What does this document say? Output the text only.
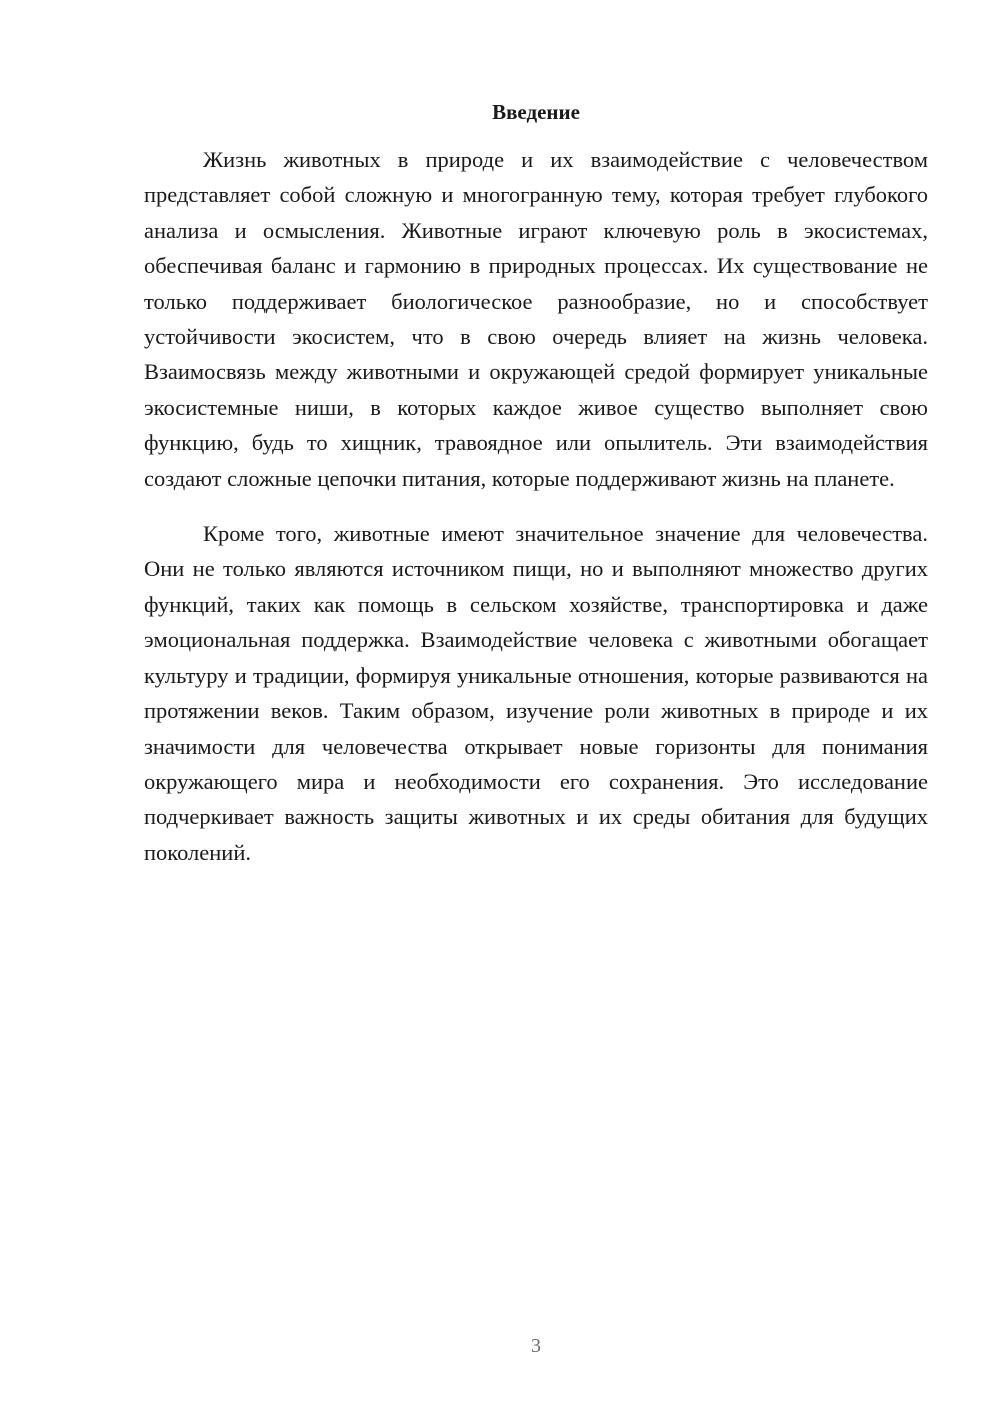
Введение

Жизнь животных в природе и их взаимодействие с человечеством представляет собой сложную и многогранную тему, которая требует глубокого анализа и осмысления. Животные играют ключевую роль в экосистемах, обеспечивая баланс и гармонию в природных процессах. Их существование не только поддерживает биологическое разнообразие, но и способствует устойчивости экосистем, что в свою очередь влияет на жизнь человека. Взаимосвязь между животными и окружающей средой формирует уникальные экосистемные ниши, в которых каждое живое существо выполняет свою функцию, будь то хищник, травоядное или опылитель. Эти взаимодействия создают сложные цепочки питания, которые поддерживают жизнь на планете.

Кроме того, животные имеют значительное значение для человечества. Они не только являются источником пищи, но и выполняют множество других функций, таких как помощь в сельском хозяйстве, транспортировка и даже эмоциональная поддержка. Взаимодействие человека с животными обогащает культуру и традиции, формируя уникальные отношения, которые развиваются на протяжении веков. Таким образом, изучение роли животных в природе и их значимости для человечества открывает новые горизонты для понимания окружающего мира и необходимости его сохранения. Это исследование подчеркивает важность защиты животных и их среды обитания для будущих поколений.

3
